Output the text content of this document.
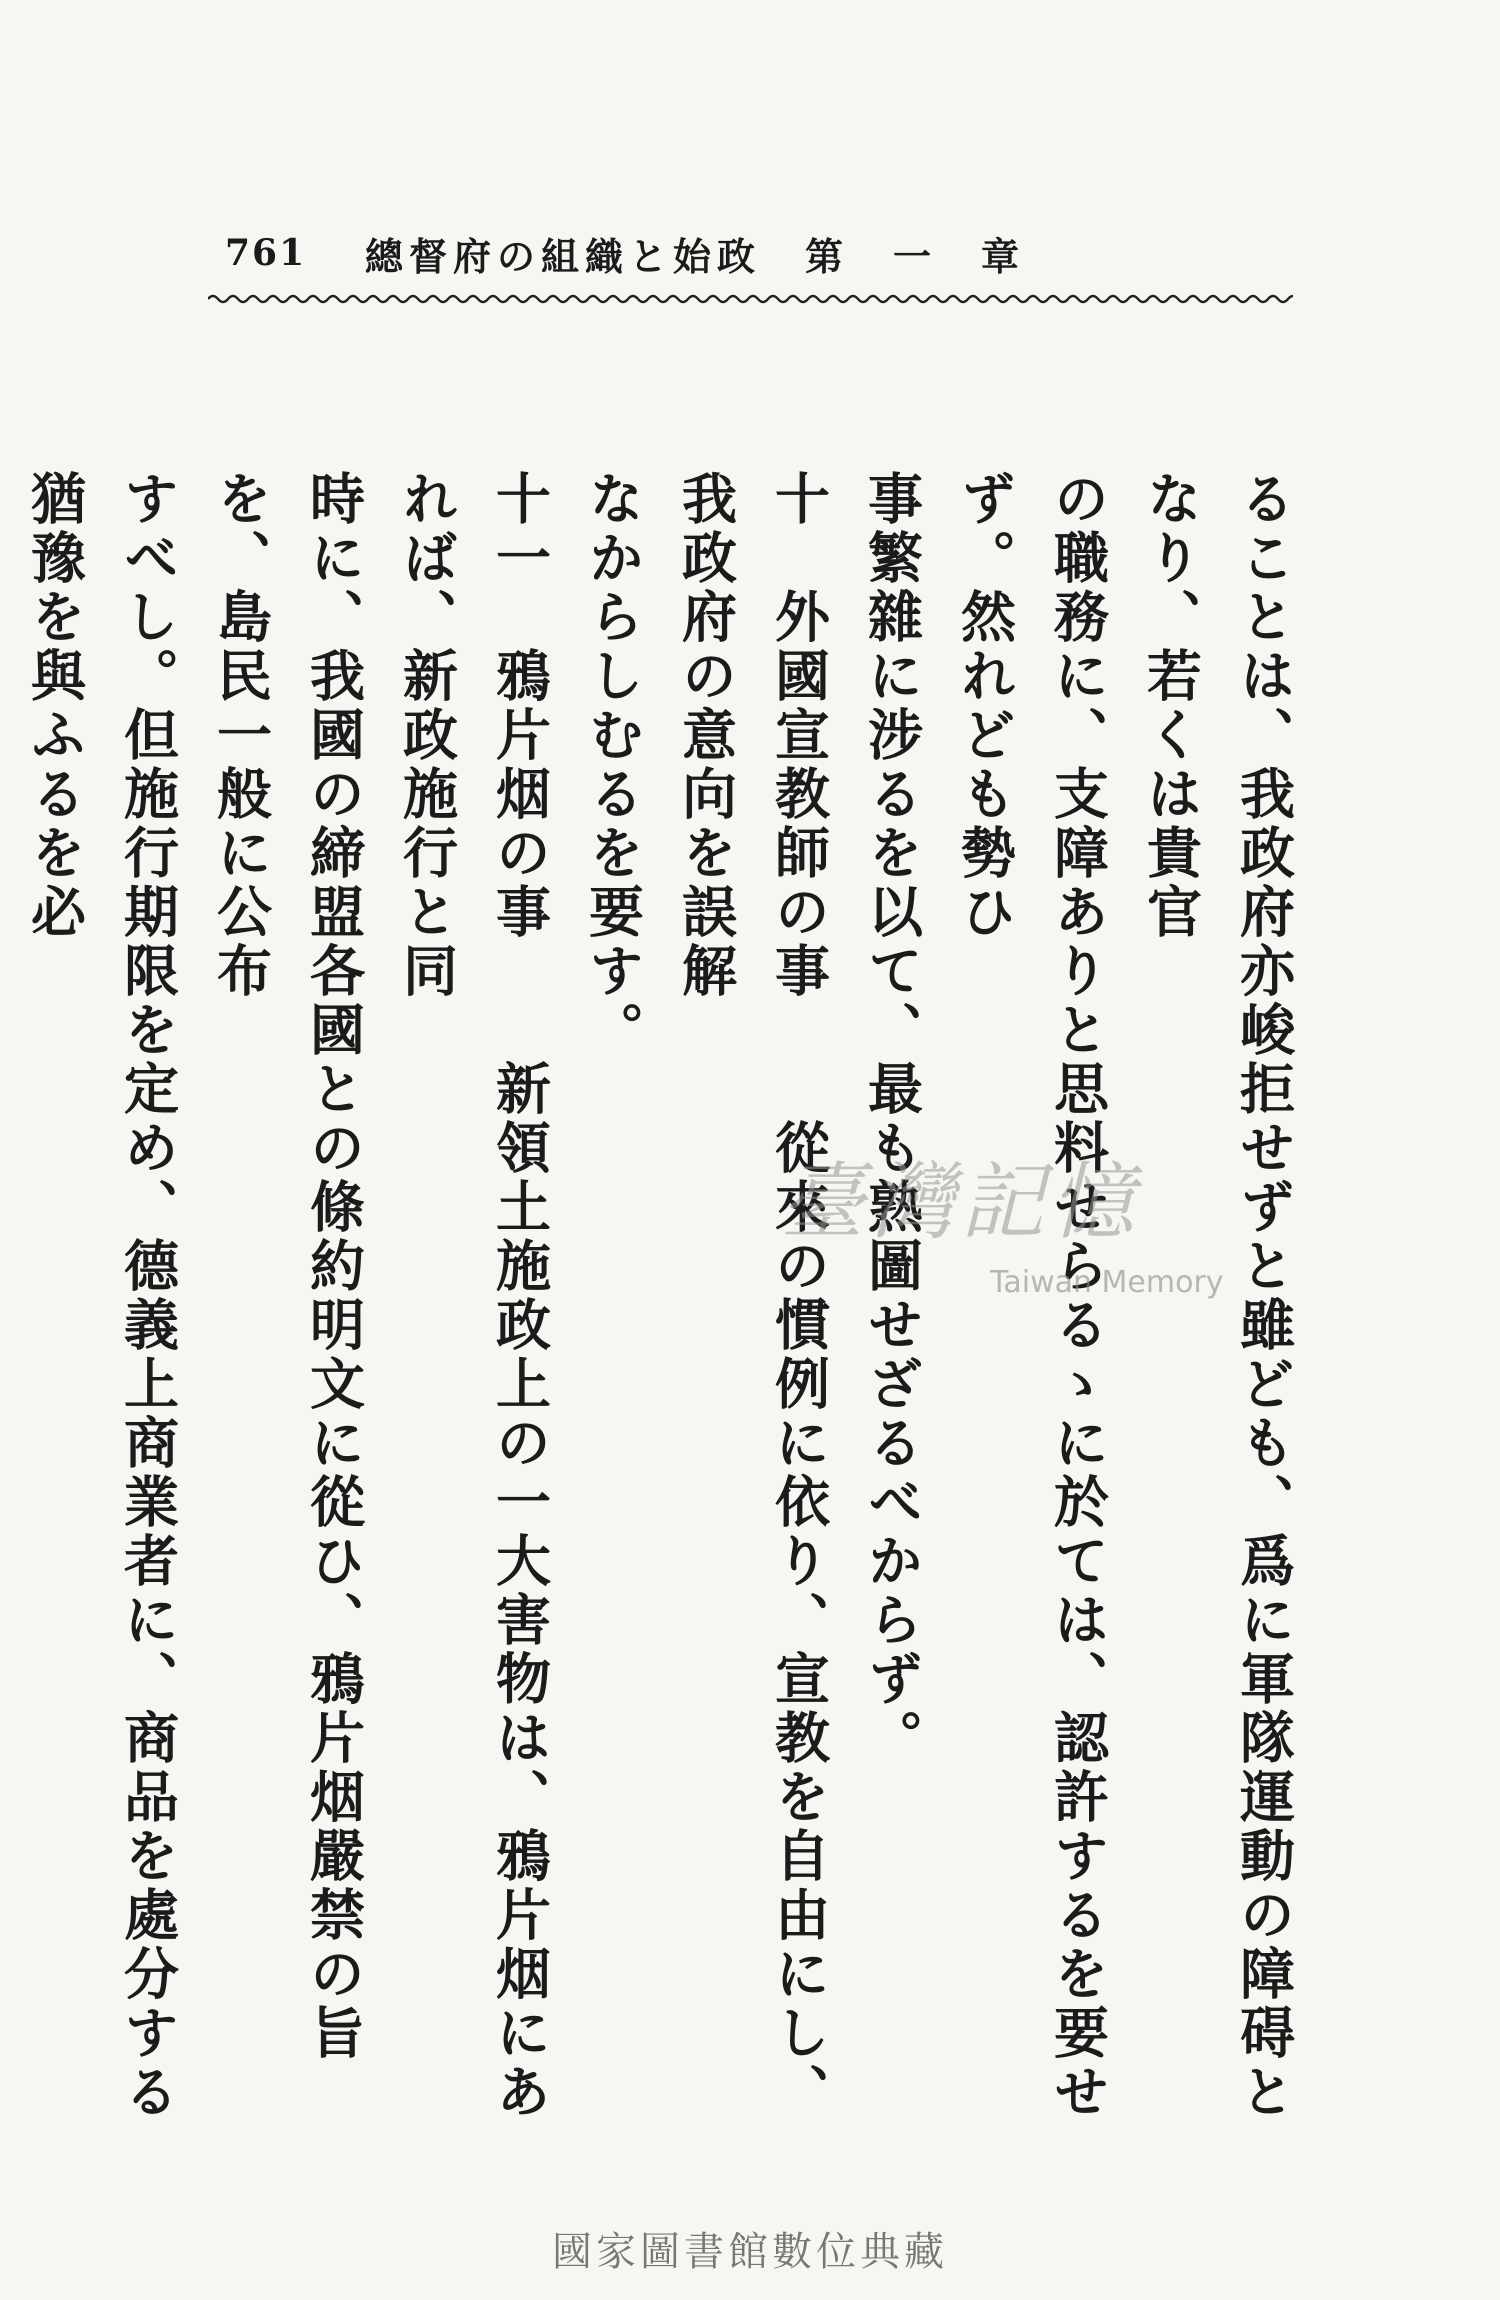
761	總督府の組織と始政 第　一　章

ることは、我政府亦峻拒せずと雖ども、爲に軍隊運動の障碍となり、若くは貴官

の職務に、支障ありと思料せらるゝに於ては、認許するを要せず。然れども勢ひ

事繁雜に涉るを以て、最も熟圖せざるべからず。

十　外國宣教師の事　　從來の慣例に依り、宣教を自由にし、我政府の意向を誤解

なからしむるを要す。

十一　鴉片烟の事　　新領土施政上の一大害物は、鴉片烟にあれば、新政施行と同

時に、我國の締盟各國との條約明文に從ひ、鴉片烟嚴禁の旨を、島民一般に公布

すべし。但施行期限を定め、德義上商業者に、商品を處分する猶豫を與ふるを必

臺灣記憶
Taiwan Memory
國家圖書館數位典藏
